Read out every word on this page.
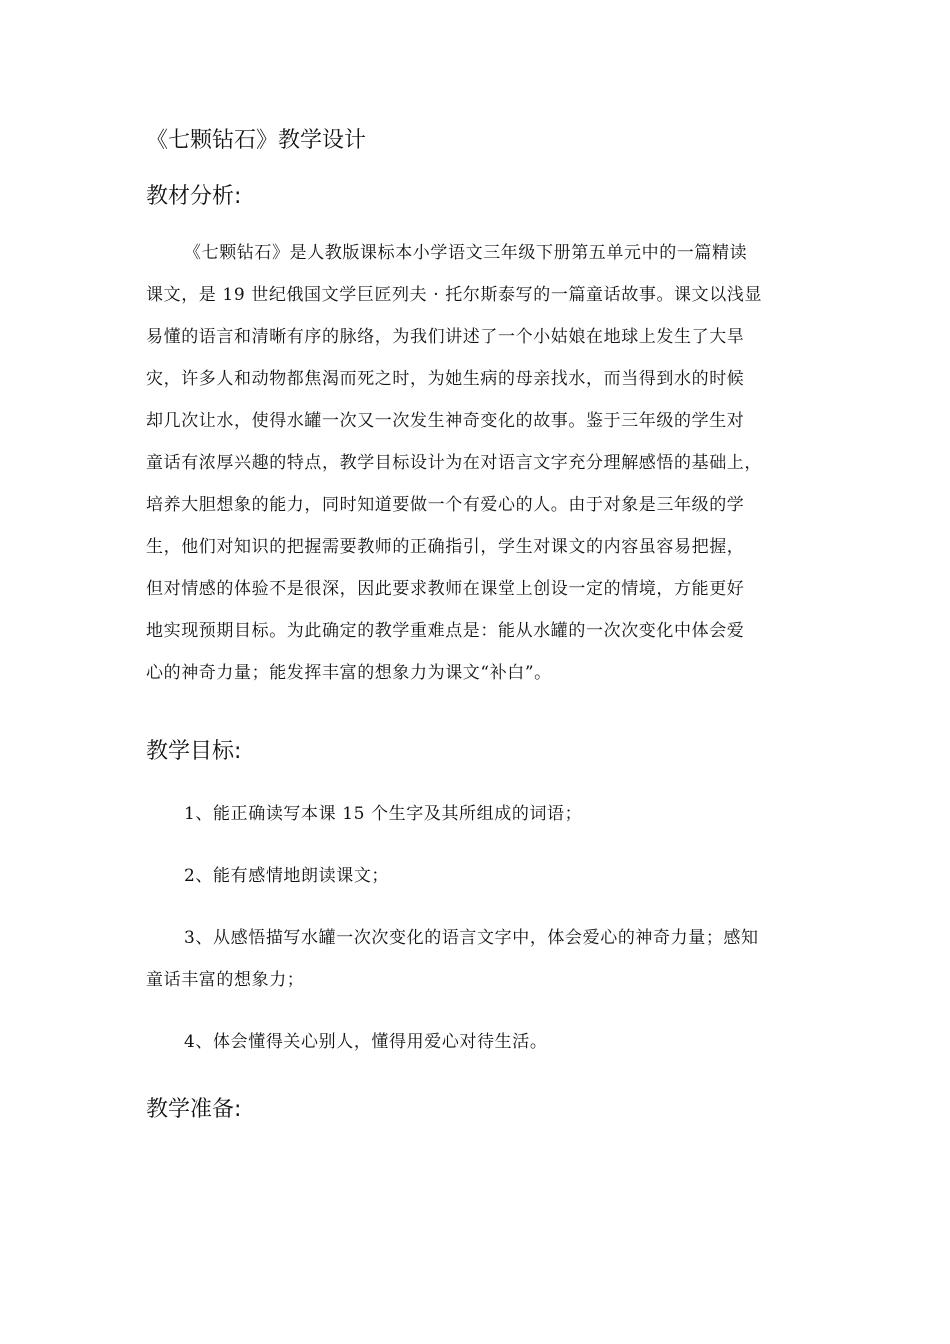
《七颗钻石》教学设计
教材分析:

《七颗钻石》是人教版课标本小学语文三年级下册第五单元中的一篇精读
课文，是 19 世纪俄国文学巨匠列夫 · 托尔斯泰写的一篇童话故事。课文以浅显
易懂的语言和清晰有序的脉络，为我们讲述了一个小姑娘在地球上发生了大旱
灾，许多人和动物都焦渴而死之时，为她生病的母亲找水，而当得到水的时候
却几次让水，使得水罐一次又一次发生神奇变化的故事。鉴于三年级的学生对
童话有浓厚兴趣的特点，教学目标设计为在对语言文字充分理解感悟的基础上，
培养大胆想象的能力，同时知道要做一个有爱心的人。由于对象是三年级的学
生，他们对知识的把握需要教师的正确指引，学生对课文的内容虽容易把握，
但对情感的体验不是很深，因此要求教师在课堂上创设一定的情境，方能更好
地实现预期目标。为此确定的教学重难点是：能从水罐的一次次变化中体会爱
心的神奇力量；能发挥丰富的想象力为课文“补白”。

教学目标:

1、能正确读写本课 15 个生字及其所组成的词语；

2、能有感情地朗读课文；

3、从感悟描写水罐一次次变化的语言文字中，体会爱心的神奇力量；感知
童话丰富的想象力；

4、体会懂得关心别人，懂得用爱心对待生活。

教学准备:
